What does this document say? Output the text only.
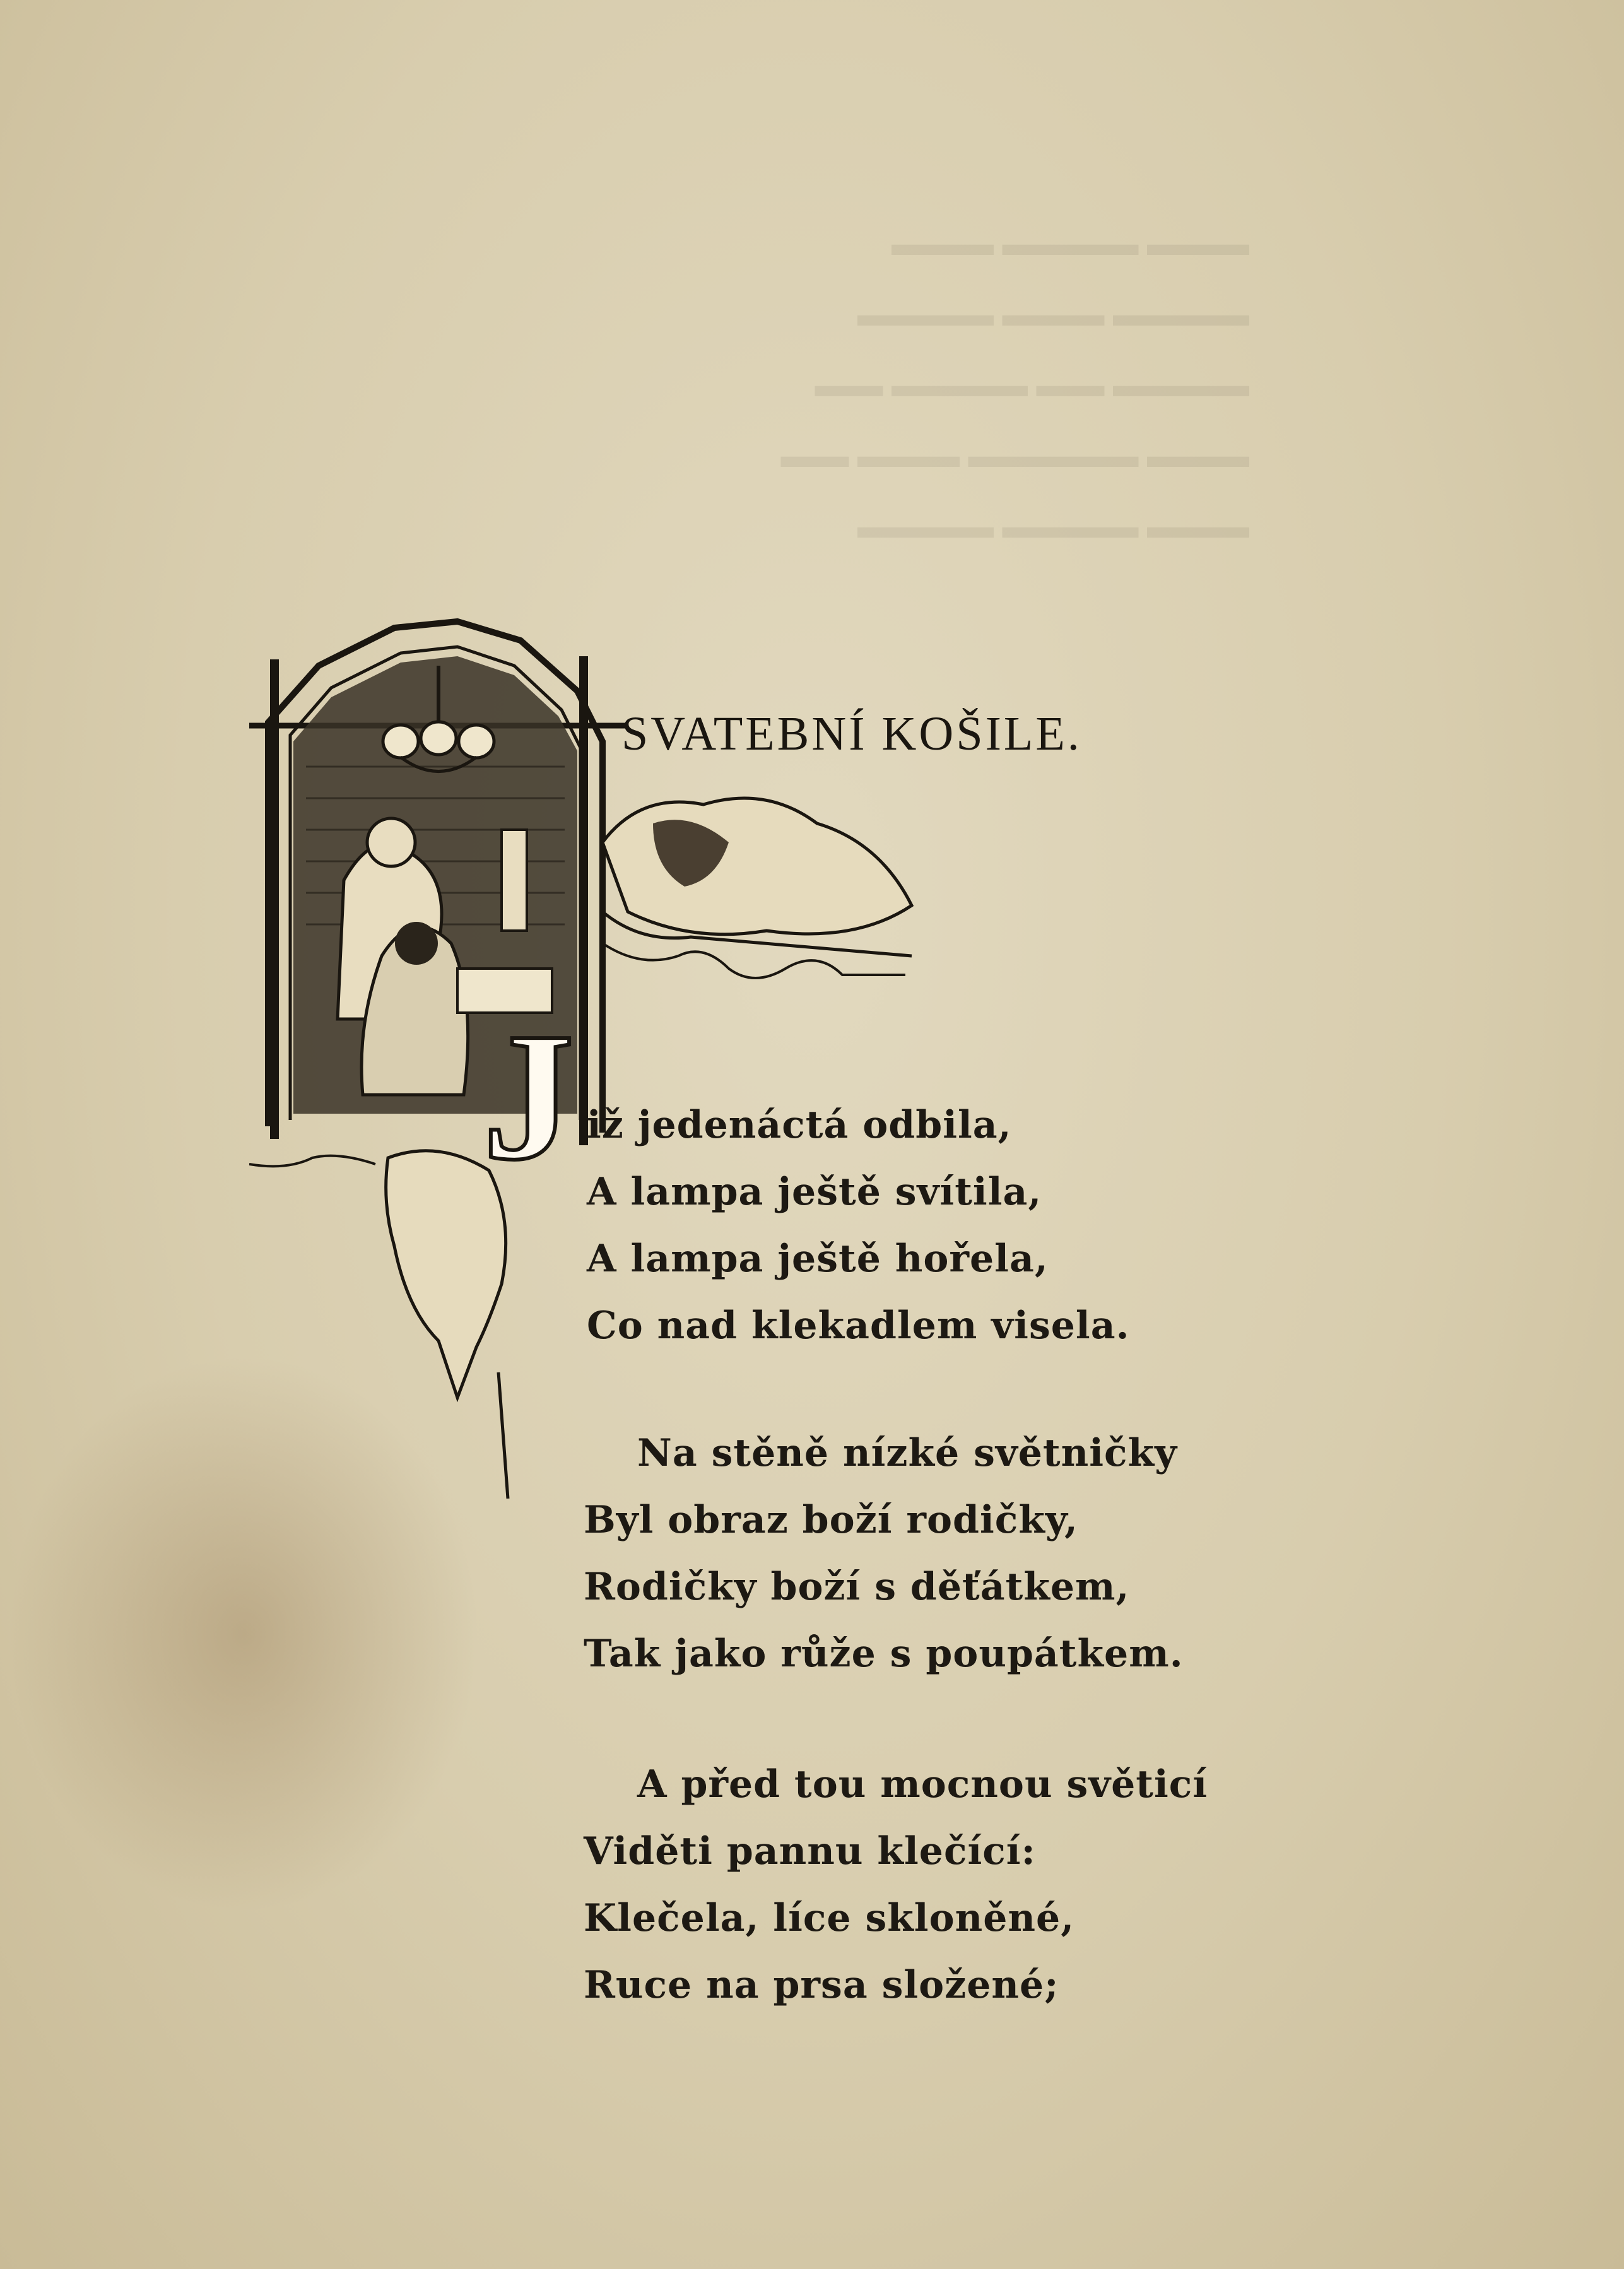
▬▬▬ ▬▬▬▬ ▬▬▬
▬▬▬▬ ▬▬▬ ▬▬▬▬
▬▬▬▬ ▬▬ ▬▬▬▬ ▬▬
▬▬▬ ▬▬▬▬▬ ▬▬▬ ▬▬
▬▬▬ ▬▬▬▬ ▬▬▬▬
J
SVATEBNÍ KOŠILE.
iž jedenáctá odbila,
A lampa ještě svítila,
A lampa ještě hořela,
Co nad klekadlem visela.
Na stěně nízké světničky
Byl obraz boží rodičky,
Rodičky boží s děťátkem,
Tak jako růže s poupátkem.
A před tou mocnou světicí
Viděti pannu klečící:
Klečela, líce skloněné,
Ruce na prsa složené;
